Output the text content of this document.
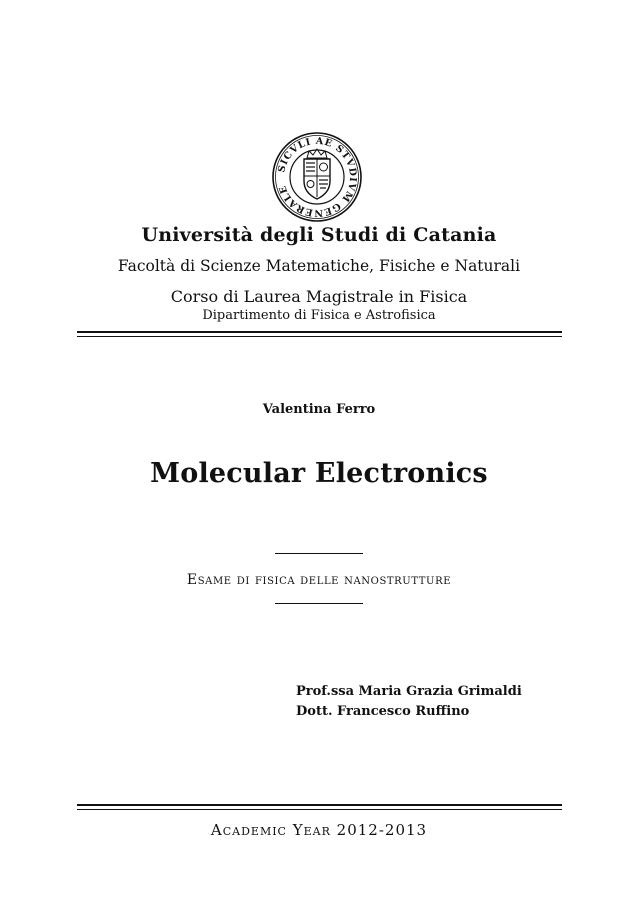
SICVLI AE STVDIVM GENERALE
Università degli Studi di Catania
Facoltà di Scienze Matematiche, Fisiche e Naturali
Corso di Laurea Magistrale in Fisica
Dipartimento di Fisica e Astrofisica
Valentina Ferro
Molecular Electronics
Esame di fisica delle nanostrutture
Prof.ssa Maria Grazia Grimaldi
Dott. Francesco Ruffino
Academic Year 2012-2013
